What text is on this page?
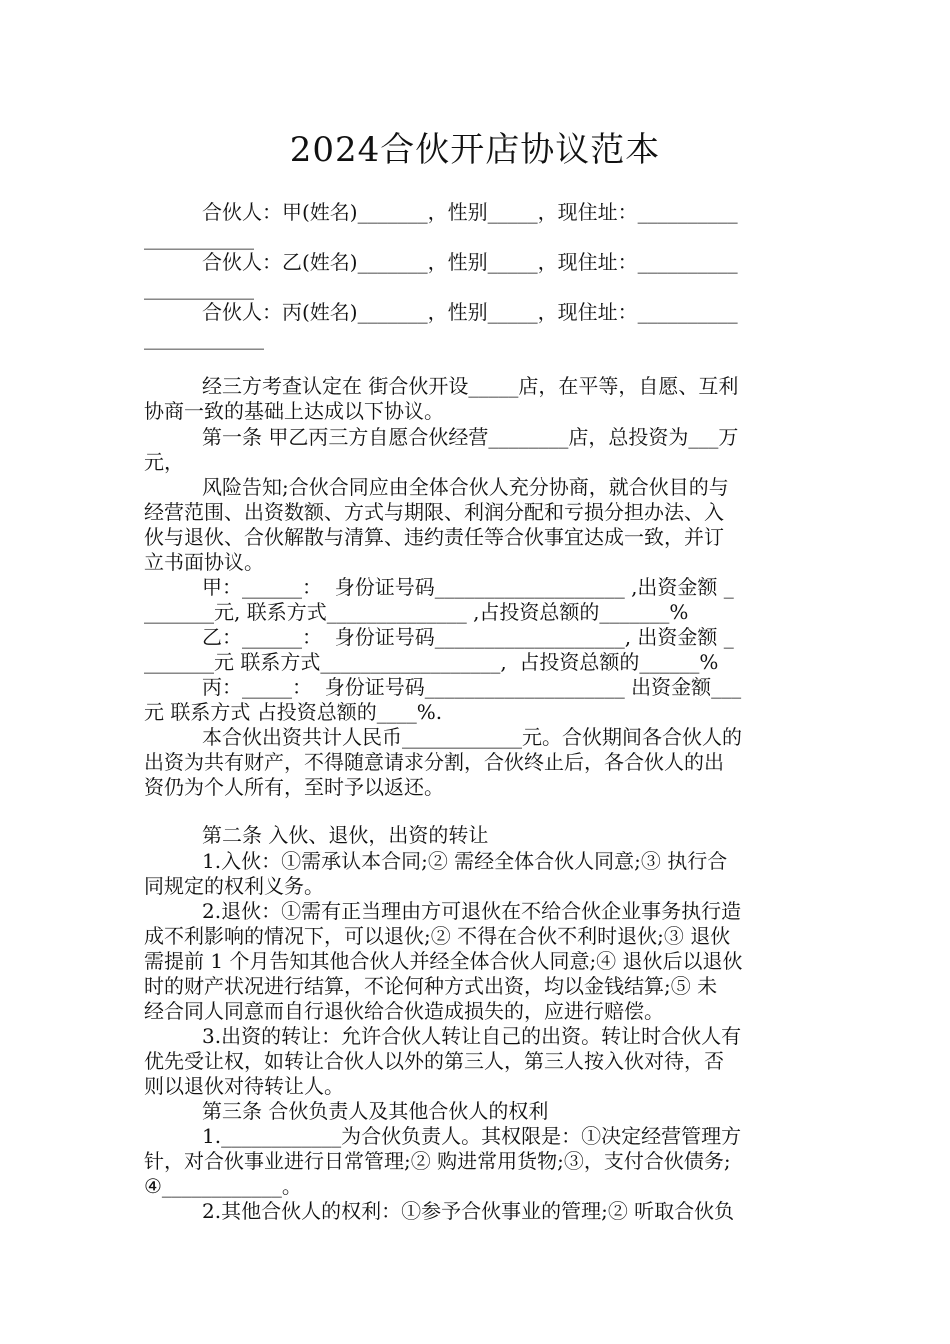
2024合伙开店协议范本
合伙人：甲(姓名)_______，性别_____，现住址：__________
___________
合伙人：乙(姓名)_______，性别_____，现住址：__________
___________
合伙人：丙(姓名)_______，性别_____，现住址：__________
____________
经三方考查认定在 街合伙开设_____店，在平等，自愿、互利
协商一致的基础上达成以下协议。
第一条 甲乙丙三方自愿合伙经营________店，总投资为___万
元，
风险告知;合伙合同应由全体合伙人充分协商，就合伙目的与
经营范围、出资数额、方式与期限、利润分配和亏损分担办法、入
伙与退伙、合伙解散与清算、违约责任等合伙事宜达成一致，并订
立书面协议。
甲：______：  身份证号码___________________ ,出资金额 _
_______元, 联系方式______________ ,占投资总额的_______%
乙：______：  身份证号码___________________, 出资金额 _
_______元 联系方式__________________,  占投资总额的______%
丙：_____：  身份证号码____________________ 出资金额___
元 联系方式 占投资总额的____%.
本合伙出资共计人民币____________元。合伙期间各合伙人的
出资为共有财产，不得随意请求分割，合伙终止后，各合伙人的出
资仍为个人所有，至时予以返还。
第二条 入伙、退伙，出资的转让
1.入伙：①需承认本合同;② 需经全体合伙人同意;③ 执行合
同规定的权利义务。
2.退伙：①需有正当理由方可退伙在不给合伙企业事务执行造
成不利影响的情况下，可以退伙;② 不得在合伙不利时退伙;③ 退伙
需提前 1 个月告知其他合伙人并经全体合伙人同意;④ 退伙后以退伙
时的财产状况进行结算，不论何种方式出资，均以金钱结算;⑤ 未
经合同人同意而自行退伙给合伙造成损失的，应进行赔偿。
3.出资的转让：允许合伙人转让自己的出资。转让时合伙人有
优先受让权，如转让合伙人以外的第三人，第三人按入伙对待，否
则以退伙对待转让人。
第三条 合伙负责人及其他合伙人的权利
1.____________为合伙负责人。其权限是：①决定经营管理方
针，对合伙事业进行日常管理;② 购进常用货物;③，支付合伙债务;
④____________。
2.其他合伙人的权利：①参予合伙事业的管理;② 听取合伙负
